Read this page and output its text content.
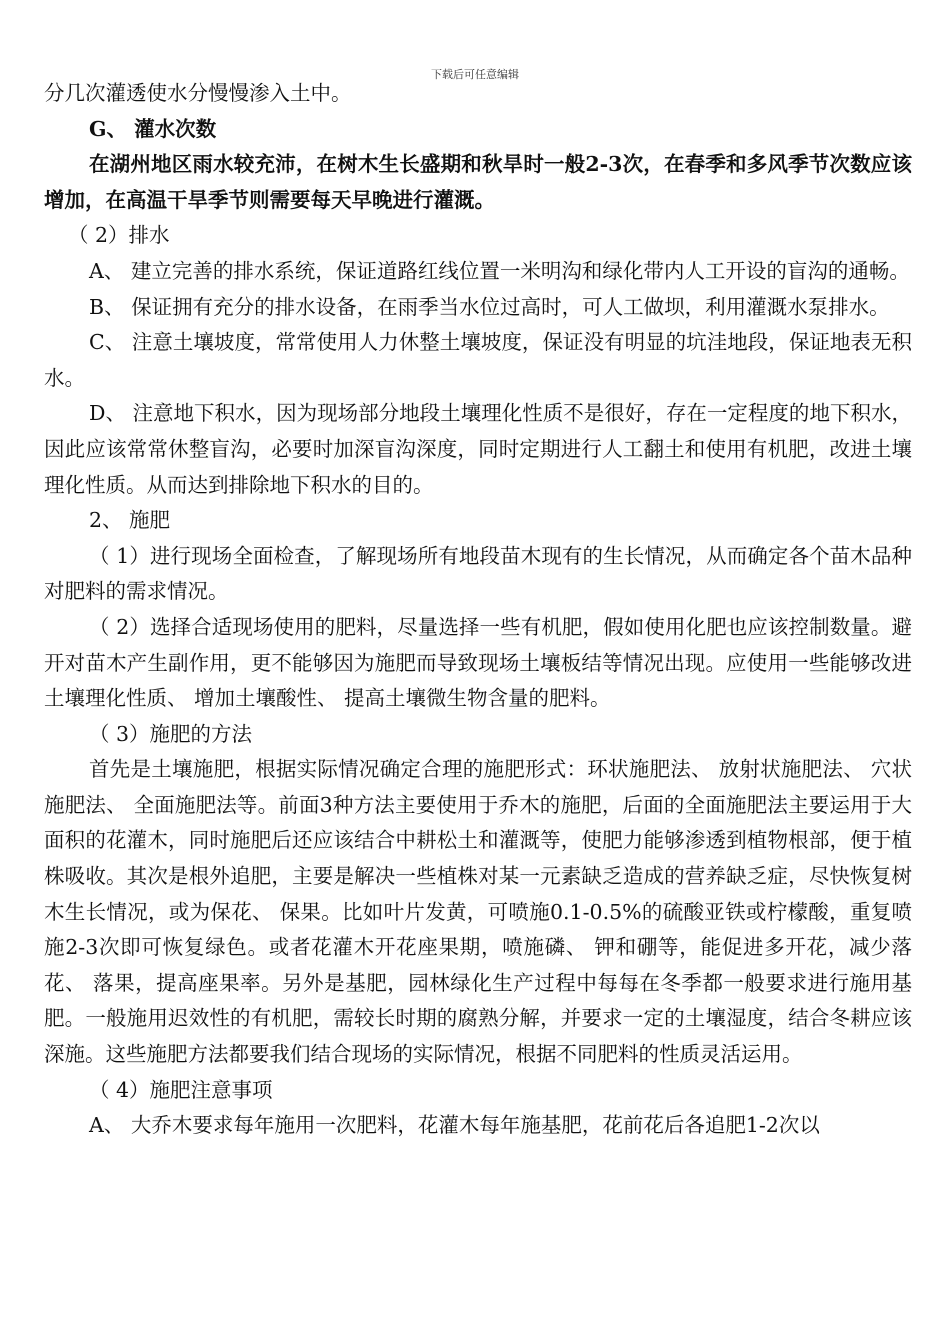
下载后可任意编辑

分几次灌透使水分慢慢渗入土中。

G、 灌水次数

在湖州地区雨水较充沛，在树木生长盛期和秋旱时一般2-3次，在春季和多风季节次数应该增加，在高温干旱季节则需要每天早晚进行灌溉。

（ 2）排水

A、 建立完善的排水系统，保证道路红线位置一米明沟和绿化带内人工开设的盲沟的通畅。

B、 保证拥有充分的排水设备，在雨季当水位过高时，可人工做坝，利用灌溉水泵排水。

C、 注意土壤坡度，常常使用人力休整土壤坡度，保证没有明显的坑洼地段，保证地表无积水。

D、 注意地下积水，因为现场部分地段土壤理化性质不是很好，存在一定程度的地下积水，因此应该常常休整盲沟，必要时加深盲沟深度，同时定期进行人工翻土和使用有机肥，改进土壤理化性质。从而达到排除地下积水的目的。

2、 施肥

（ 1）进行现场全面检查，了解现场所有地段苗木现有的生长情况，从而确定各个苗木品种对肥料的需求情况。

（ 2）选择合适现场使用的肥料，尽量选择一些有机肥，假如使用化肥也应该控制数量。避开对苗木产生副作用，更不能够因为施肥而导致现场土壤板结等情况出现。应使用一些能够改进土壤理化性质、 增加土壤酸性、 提高土壤微生物含量的肥料。

（ 3）施肥的方法

首先是土壤施肥，根据实际情况确定合理的施肥形式：环状施肥法、 放射状施肥法、 穴状施肥法、 全面施肥法等。前面3种方法主要使用于乔木的施肥，后面的全面施肥法主要运用于大面积的花灌木，同时施肥后还应该结合中耕松土和灌溉等，使肥力能够渗透到植物根部，便于植株吸收。其次是根外追肥，主要是解决一些植株对某一元素缺乏造成的营养缺乏症，尽快恢复树木生长情况，或为保花、 保果。比如叶片发黄，可喷施0.1-0.5%的硫酸亚铁或柠檬酸，重复喷施2-3次即可恢复绿色。或者花灌木开花座果期，喷施磷、 钾和硼等，能促进多开花，减少落花、 落果，提高座果率。另外是基肥，园林绿化生产过程中每每在冬季都一般要求进行施用基肥。一般施用迟效性的有机肥，需较长时期的腐熟分解，并要求一定的土壤湿度，结合冬耕应该深施。这些施肥方法都要我们结合现场的实际情况，根据不同肥料的性质灵活运用。

（ 4）施肥注意事项

A、 大乔木要求每年施用一次肥料，花灌木每年施基肥，花前花后各追肥1-2次以
